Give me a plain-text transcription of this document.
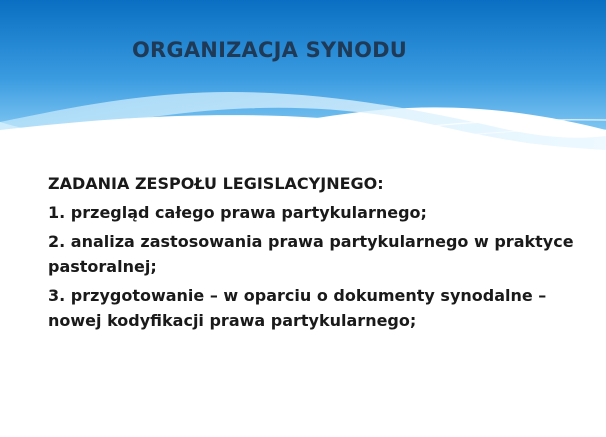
ORGANIZACJA SYNODU

ZADANIA ZESPOŁU LEGISLACYJNEGO:

1. przegląd całego prawa partykularnego;

2. analiza zastosowania prawa partykularnego w praktyce pastoralnej;

3. przygotowanie – w oparciu o dokumenty synodalne – nowej kodyfikacji prawa partykularnego;
